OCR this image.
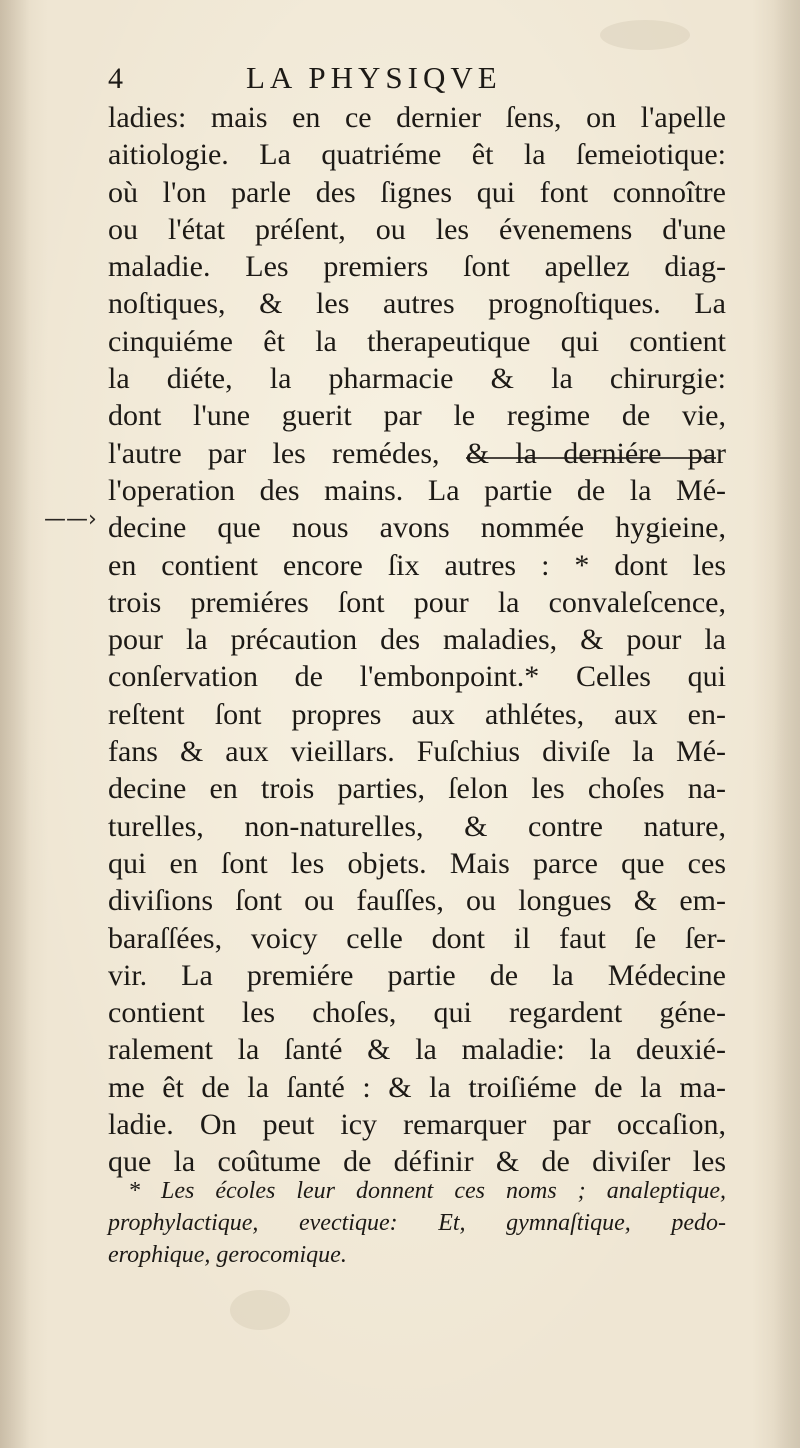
4	LA PHYSIQVE
——›
ladies: mais en ce dernier ſens, on l'apelle
aitiologie. La quatriéme êt la ſemeiotique:
où l'on parle des ſignes qui font connoître
ou l'état préſent, ou les évenemens d'une
maladie. Les premiers ſont apellez diag-
noſtiques, & les autres prognoſtiques. La
cinquiéme êt la therapeutique qui contient
la diéte, la pharmacie & la chirurgie:
dont l'une guerit par le regime de vie,
l'autre par les remédes, & la derniére par
l'operation des mains. La partie de la Mé-
decine que nous avons nommée hygieine,
en contient encore ſix autres : * dont les
trois premiéres ſont pour la convaleſcence,
pour la précaution des maladies, & pour la
conſervation de l'embonpoint.* Celles qui
reſtent ſont propres aux athlétes, aux en-
fans & aux vieillars. Fuſchius diviſe la Mé-
decine en trois parties, ſelon les choſes na-
turelles, non-naturelles, & contre nature,
qui en ſont les objets. Mais parce que ces
diviſions ſont ou fauſſes, ou longues & em-
baraſſées, voicy celle dont il faut ſe ſer-
vir. La premiére partie de la Médecine
contient les choſes, qui regardent géne-
ralement la ſanté & la maladie: la deuxié-
me êt de la ſanté : & la troiſiéme de la ma-
ladie. On peut icy remarquer par occaſion,
que la coûtume de définir & de diviſer les
* Les écoles leur donnent ces noms ; analeptique,
prophylactique, evectique: Et, gymnaſtique, pedo-
erophique, gerocomique.
